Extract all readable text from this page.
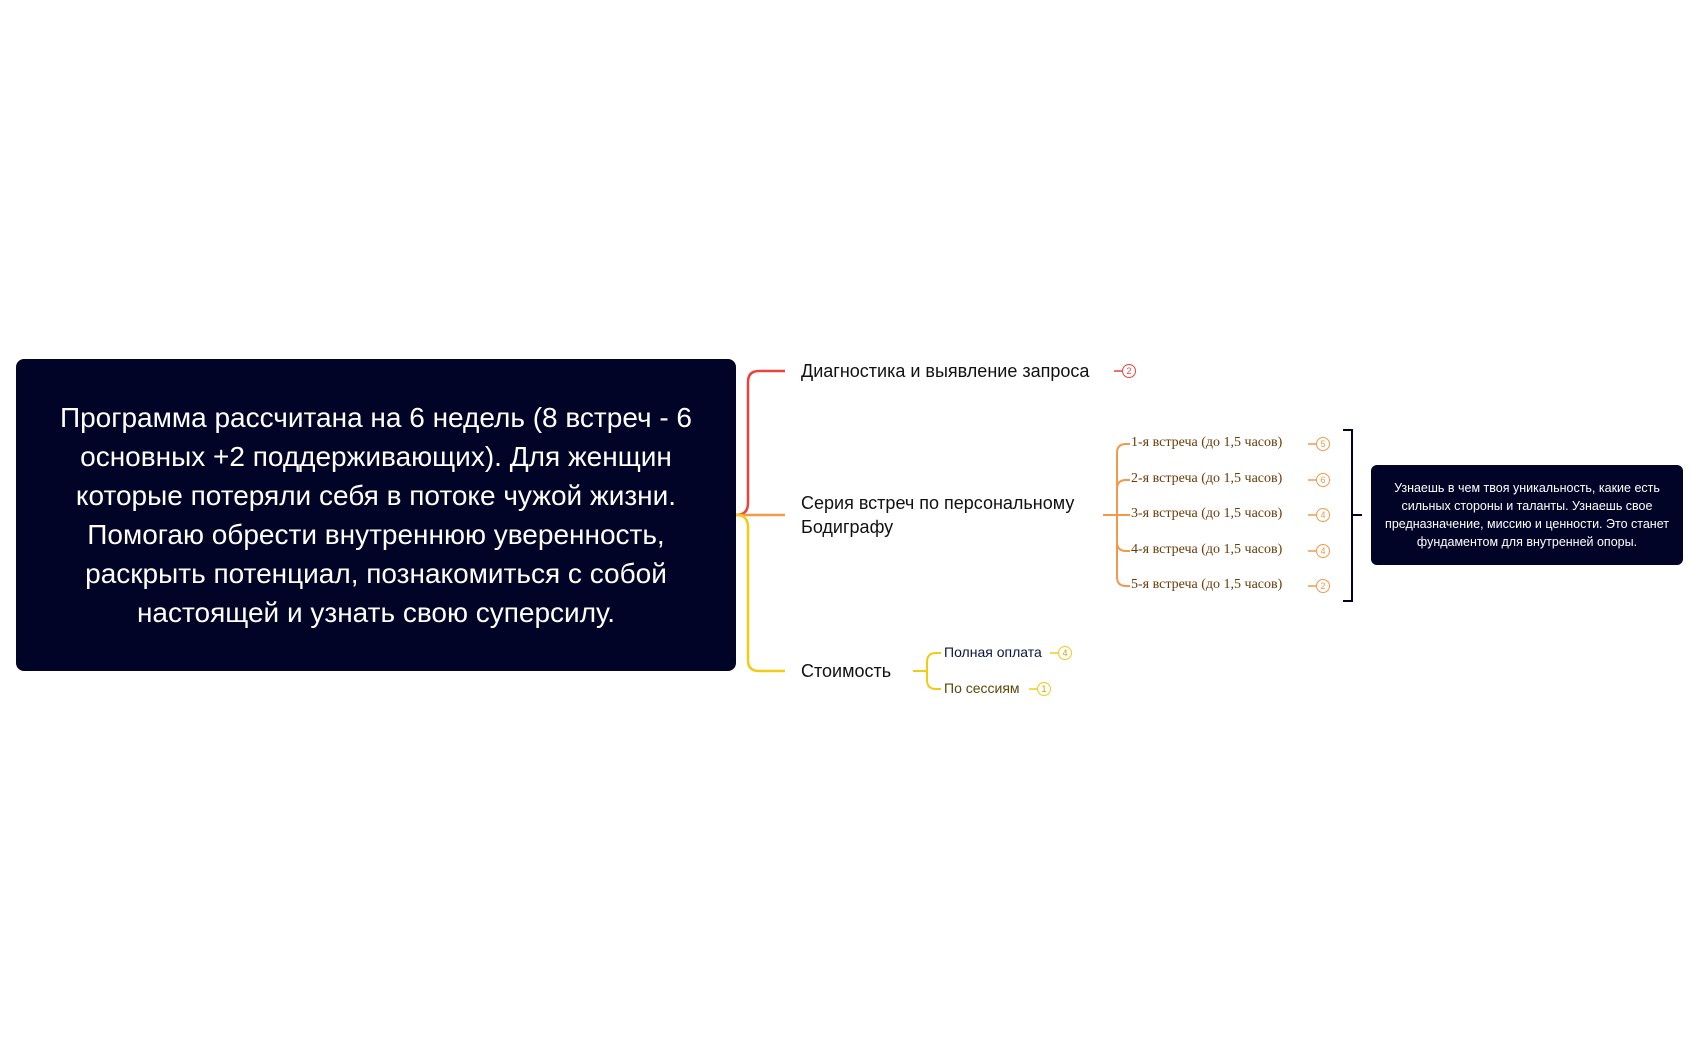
Программа рассчитана на 6 недель (8 встреч - 6 основных +2 поддерживающих). Для женщин которые потеряли себя в потоке чужой жизни. Помогаю обрести внутреннюю уверенность, раскрыть потенциал, познакомиться с собой настоящей и узнать свою суперсилу.
Диагностика и выявление запроса	2
Серия встреч по персональному Бодиграфу
1-я встреча (до 1,5 часов)	5
2-я встреча (до 1,5 часов)	6
3-я встреча (до 1,5 часов)	4
4-я встреча (до 1,5 часов)	4
5-я встреча (до 1,5 часов)	2
Узнаешь в чем твоя уникальность, какие есть сильных стороны и таланты. Узнаешь свое предназначение, миссию и ценности. Это станет фундаментом для внутренней опоры.
Стоимость
Полная оплата	4
По сессиям	1
